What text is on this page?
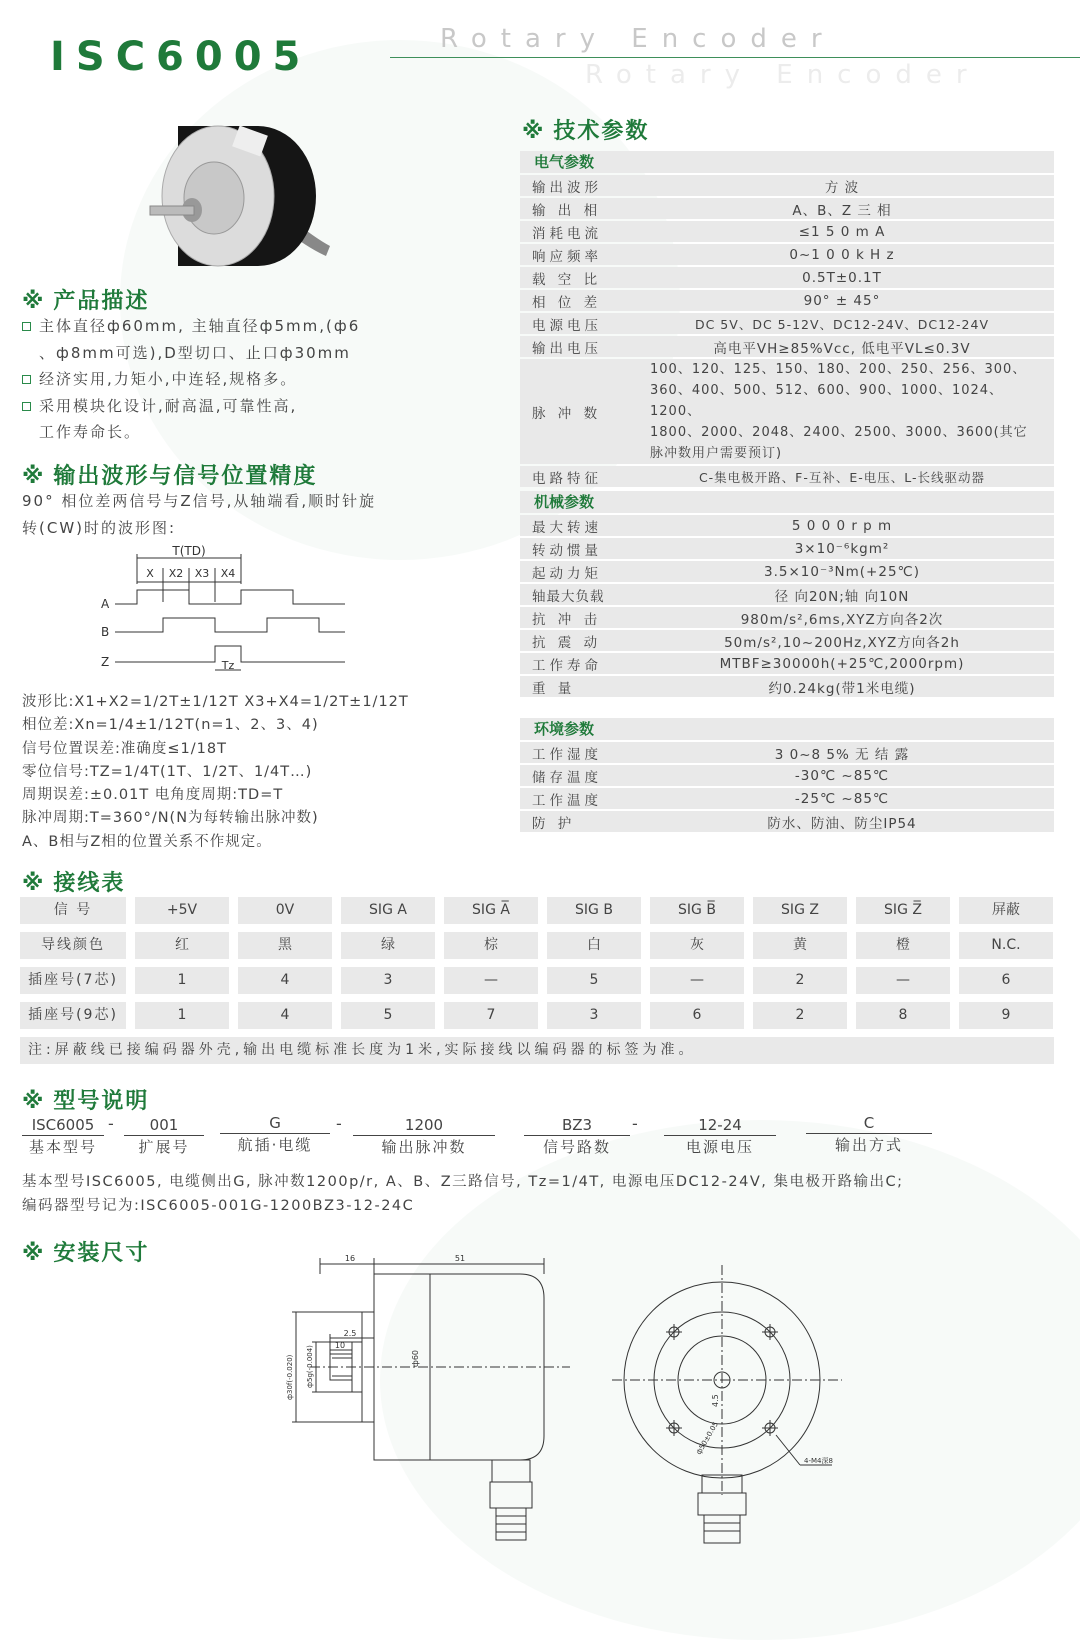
ISC6005	Rotary Encoder
Rotary Encoder
※ 产品描述
主体直径ф60mm, 主轴直径ф5mm,(ф6
、ф8mm可选),D型切口、止口ф30mm
经济实用,力矩小,中连轻,规格多。
采用模块化设计,耐高温,可靠性高,
工作寿命长。
※ 输出波形与信号位置精度
90° 相位差两信号与Z信号,从轴端看,顺时针旋
转(CW)时的波形图:
T(TD)
X X2 X3 X4
A
B
Z	Tz
波形比:X1+X2=1/2T±1/12T X3+X4=1/2T±1/12T
相位差:Xn=1/4±1/12T(n=1、2、3、4)
信号位置误差:准确度≤1/18T
零位信号:TZ=1/4T(1T、1/2T、1/4T…)
周期误差:±0.01T 电角度周期:TD=T
脉冲周期:T=360°/N(N为每转输出脉冲数)
A、B相与Z相的位置关系不作规定。
※ 技术参数
电气参数
输出波形	方 波
输 出 相	A、B、Z 三 相
消耗电流	≤1 5 0 m A
响应频率	0~1 0 0 k H z
载 空 比	0.5T±0.1T
相 位 差	90° ± 45°
电源电压	DC 5V、DC 5-12V、DC12-24V、DC12-24V
输出电压	高电平VH≥85%Vcc, 低电平VL≤0.3V
脉 冲 数
100、120、125、150、180、200、250、256、300、
360、400、500、512、600、900、1000、1024、1200、
1800、2000、2048、2400、2500、3000、3600(其它
脉冲数用户需要预订)
电路特征	C-集电极开路、F-互补、E-电压、L-长线驱动器
机械参数
最大转速	5 0 0 0 r p m
转动惯量	3×10⁻⁶kgm²
起动力矩	3.5×10⁻³Nm(+25℃)
轴最大负载	径 向20N;轴 向10N
抗 冲 击	980m/s²,6ms,XYZ方向各2次
抗 震 动	50m/s²,10~200Hz,XYZ方向各2h
工作寿命	MTBF≥30000h(+25℃,2000rpm)
重 量	约0.24kg(带1米电缆)
环境参数
工作湿度	3 0~8 5% 无 结 露
储存温度	-30℃ ~85℃
工作温度	-25℃ ~85℃
防 护	防水、防油、防尘IP54
※ 接线表
信 号	+5V	0V	SIG A	SIG A̅	SIG B	SIG B̅	SIG Z	SIG Z̅	屏蔽
导线颜色	红	黑	绿	棕	白	灰	黄	橙	N.C.
插座号(7芯)	1	4	3	—	5	—	2	—	6
插座号(9芯)	1	4	5	7	3	6	2	8	9
注:屏蔽线已接编码器外壳,输出电缆标准长度为1米,实际接线以编码器的标签为准。
※ 型号说明
ISC6005
基本型号
-	001
扩展号
G
航插·电缆
-	1200
输出脉冲数
BZ3
信号路数
-	12-24
电源电压
C
输出方式
基本型号ISC6005, 电缆侧出G, 脉冲数1200p/r, A、B、Z三路信号, Tz=1/4T, 电源电压DC12-24V, 集电极开路输出C;
编码器型号记为:ISC6005-001G-1200BZ3-12-24C
※ 安装尺寸	16	51
2.5
10
ф60
ф30f(-0.020) ф5g(-0.004)
4.5
ф50±0.05
4-M4深8
